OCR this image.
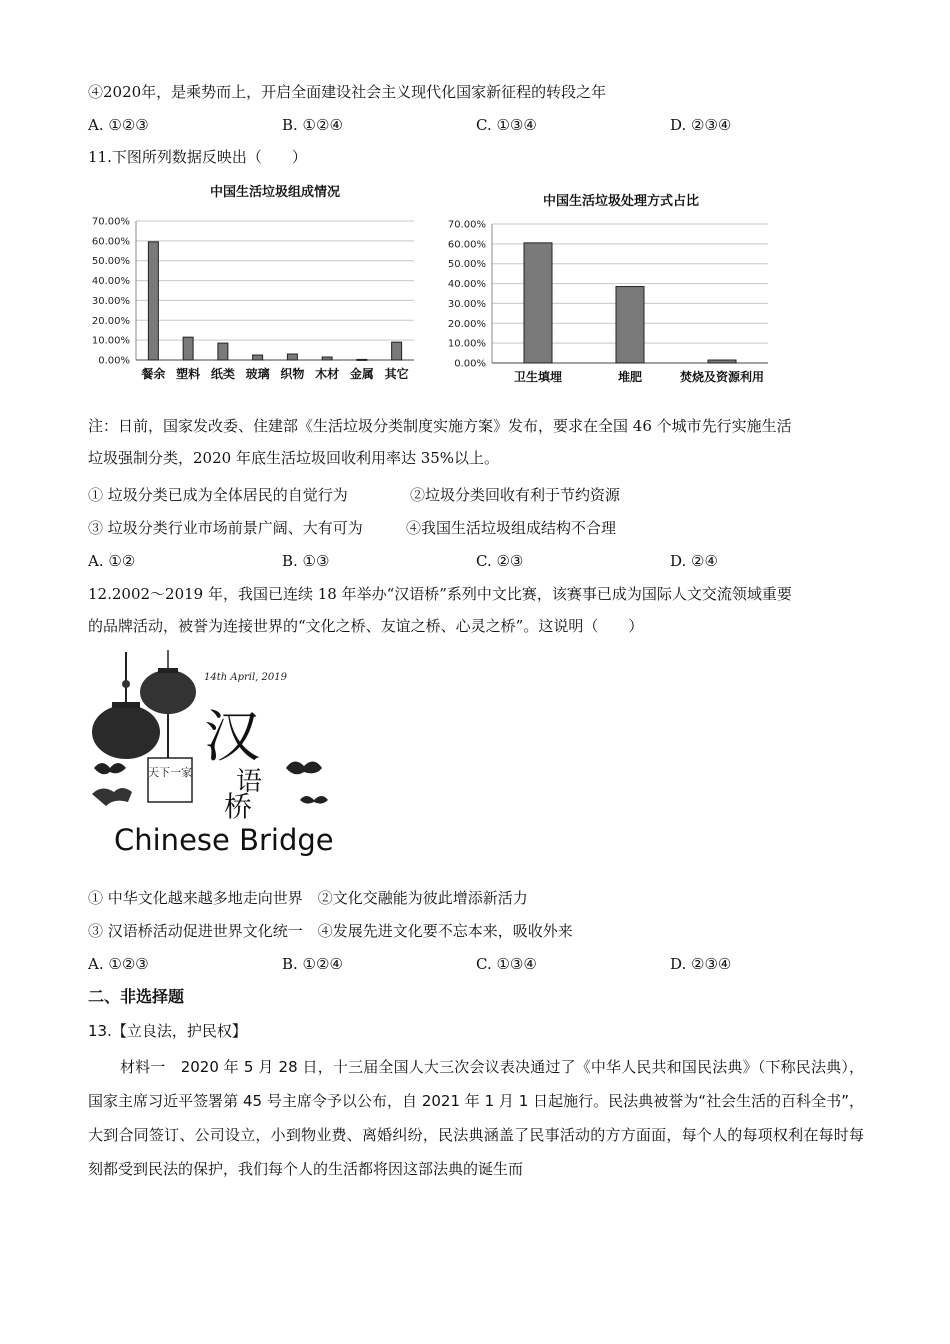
④2020年，是乘势而上，开启全面建设社会主义现代化国家新征程的转段之年
A. ①②③	B. ①②④	C. ①③④	D. ②③④
11.下图所列数据反映出（　　）
中国生活垃圾组成情况
70.00%
60.00%
50.00%
40.00%
30.00%
20.00%
10.00%
0.00%
餐余 塑料 纸类 玻璃 织物 木材 金属 其它
中国生活垃圾处理方式占比
70.00%
60.00%
50.00%
40.00%
30.00%
20.00%
10.00%
0.00%
卫生填埋	堆肥	焚烧及资源利用
注：日前，国家发改委、住建部《生活垃圾分类制度实施方案》发布，要求在全国 46 个城市先行实施生活
垃圾强制分类，2020 年底生活垃圾回收利用率达 35%以上。
① 垃圾分类已成为全体居民的自觉行为	②垃圾分类回收有利于节约资源
③ 垃圾分类行业市场前景广阔、大有可为	④我国生活垃圾组成结构不合理
A. ①②	B. ①③	C. ②③	D. ②④
12.2002～2019 年，我国已连续 18 年举办“汉语桥”系列中文比赛，该赛事已成为国际人文交流领域重要
的品牌活动，被誉为连接世界的“文化之桥、友谊之桥、心灵之桥”。这说明（　　）
天下一家
汉
语
桥
14th April, 2019
Chinese Bridge
① 中华文化越来越多地走向世界　②文化交融能为彼此增添新活力
③ 汉语桥活动促进世界文化统一　④发展先进文化要不忘本来，吸收外来
A. ①②③	B. ①②④	C. ①③④	D. ②③④
二、非选择题
13.【立良法，护民权】

材料一　2020 年 5 月 28 日，十三届全国人大三次会议表决通过了《中华人民共和国民法典》（下称民法典），国家主席习近平签署第 45 号主席令予以公布，自 2021 年 1 月 1 日起施行。民法典被誉为“社会生活的百科全书”，大到合同签订、公司设立，小到物业费、离婚纠纷，民法典涵盖了民事活动的方方面面，每个人的每项权利在每时每刻都受到民法的保护，我们每个人的生活都将因这部法典的诞生而
